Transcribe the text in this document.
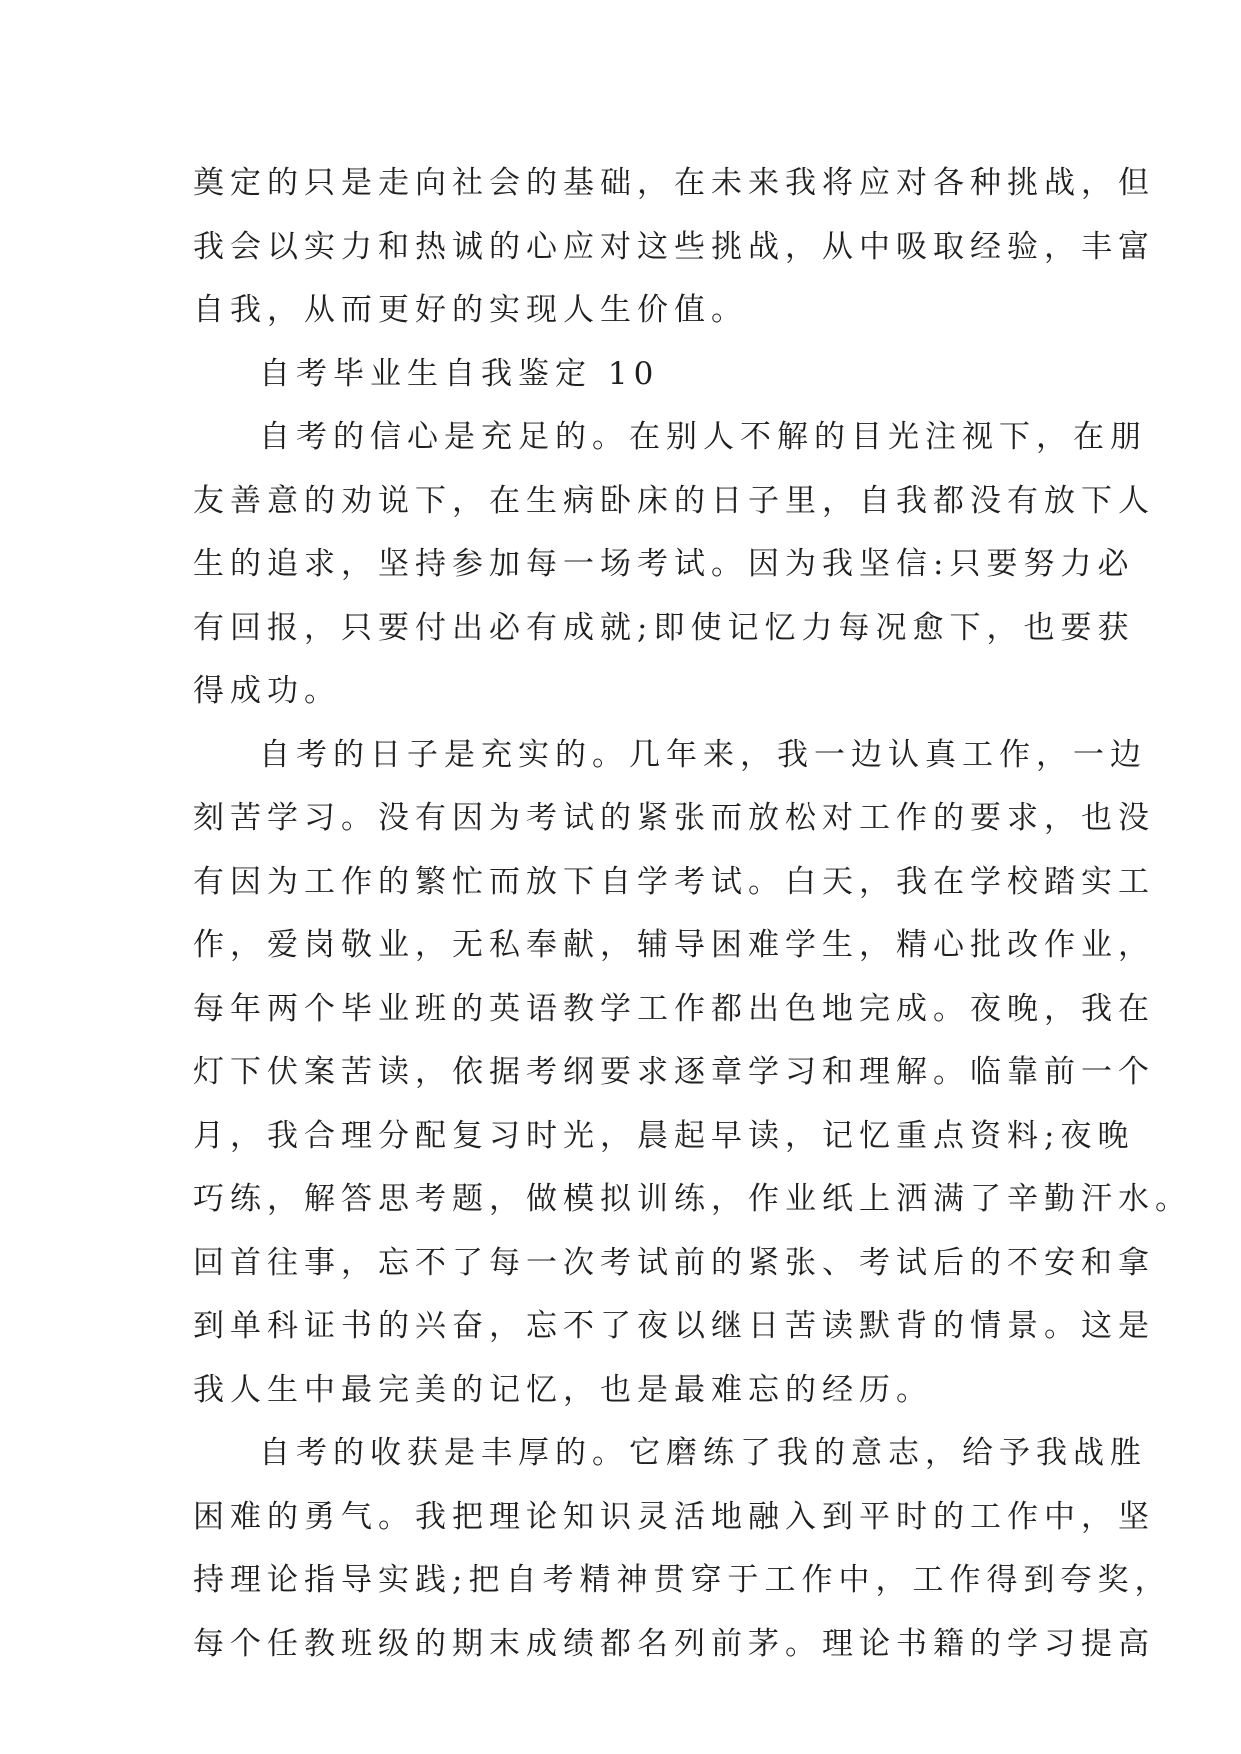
奠定的只是走向社会的基础，在未来我将应对各种挑战，但
我会以实力和热诚的心应对这些挑战，从中吸取经验，丰富
自我，从而更好的实现人生价值。

自考毕业生自我鉴定 10

自考的信心是充足的。在别人不解的目光注视下，在朋
友善意的劝说下，在生病卧床的日子里，自我都没有放下人
生的追求，坚持参加每一场考试。因为我坚信:只要努力必
有回报，只要付出必有成就;即使记忆力每况愈下，也要获
得成功。

自考的日子是充实的。几年来，我一边认真工作，一边
刻苦学习。没有因为考试的紧张而放松对工作的要求，也没
有因为工作的繁忙而放下自学考试。白天，我在学校踏实工
作，爱岗敬业，无私奉献，辅导困难学生，精心批改作业，
每年两个毕业班的英语教学工作都出色地完成。夜晚，我在
灯下伏案苦读，依据考纲要求逐章学习和理解。临靠前一个
月，我合理分配复习时光，晨起早读，记忆重点资料;夜晚
巧练，解答思考题，做模拟训练，作业纸上洒满了辛勤汗水。
回首往事，忘不了每一次考试前的紧张、考试后的不安和拿
到单科证书的兴奋，忘不了夜以继日苦读默背的情景。这是
我人生中最完美的记忆，也是最难忘的经历。

自考的收获是丰厚的。它磨练了我的意志，给予我战胜
困难的勇气。我把理论知识灵活地融入到平时的工作中，坚
持理论指导实践;把自考精神贯穿于工作中，工作得到夸奖，
每个任教班级的期末成绩都名列前茅。理论书籍的学习提高
